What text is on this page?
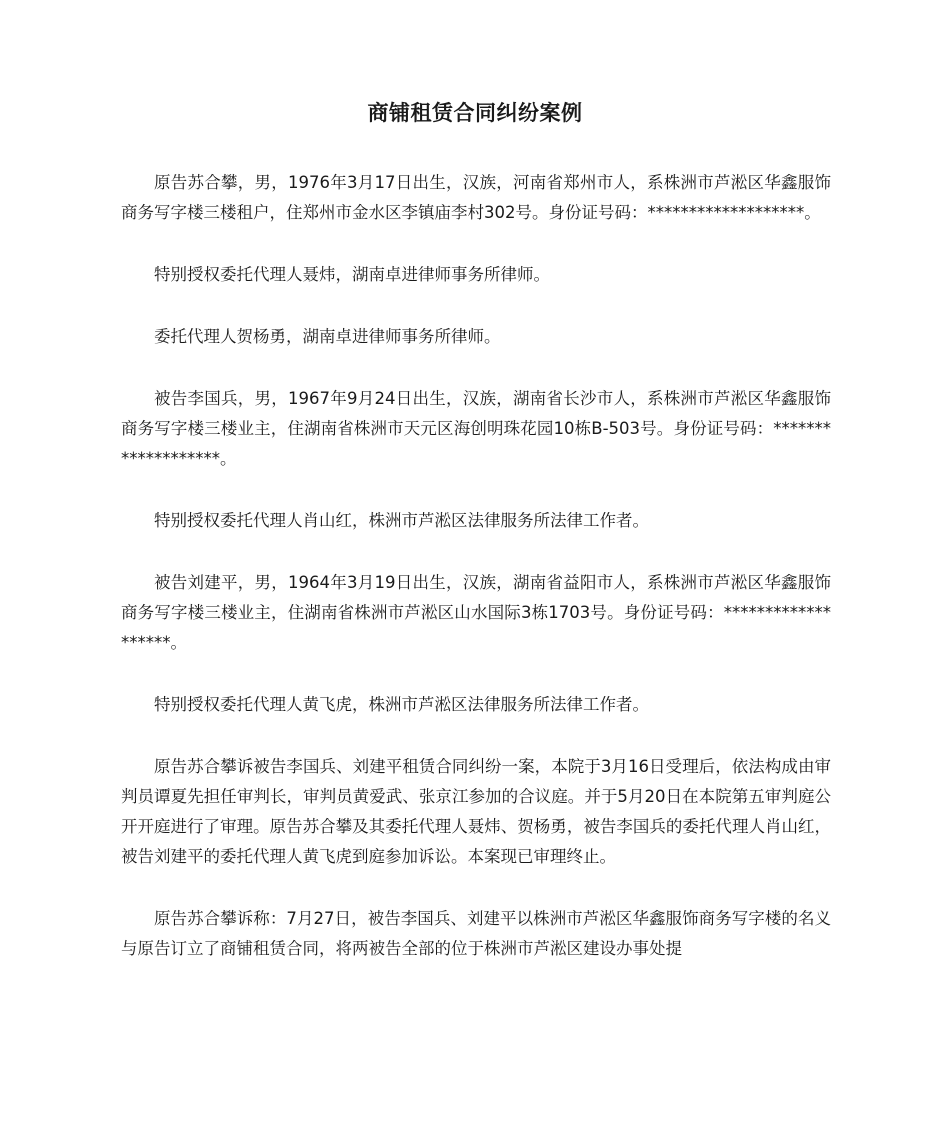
商铺租赁合同纠纷案例

原告苏合攀，男，1976年3月17日出生，汉族，河南省郑州市人，系株洲市芦淞区华鑫服饰商务写字楼三楼租户，住郑州市金水区李镇庙李村302号。身份证号码：*******************。

特别授权委托代理人聂炜，湖南卓进律师事务所律师。

委托代理人贺杨勇，湖南卓进律师事务所律师。

被告李国兵，男，1967年9月24日出生，汉族，湖南省长沙市人，系株洲市芦淞区华鑫服饰商务写字楼三楼业主，住湖南省株洲市天元区海创明珠花园10栋B-503号。身份证号码：*******************。

特别授权委托代理人肖山红，株洲市芦淞区法律服务所法律工作者。

被告刘建平，男，1964年3月19日出生，汉族，湖南省益阳市人，系株洲市芦淞区华鑫服饰商务写字楼三楼业主，住湖南省株洲市芦淞区山水国际3栋1703号。身份证号码：*******************。

特别授权委托代理人黄飞虎，株洲市芦淞区法律服务所法律工作者。

原告苏合攀诉被告李国兵、刘建平租赁合同纠纷一案，本院于3月16日受理后，依法构成由审判员谭夏先担任审判长，审判员黄爱武、张京江参加的合议庭。并于5月20日在本院第五审判庭公开开庭进行了审理。原告苏合攀及其委托代理人聂炜、贺杨勇，被告李国兵的委托代理人肖山红，被告刘建平的委托代理人黄飞虎到庭参加诉讼。本案现已审理终止。

原告苏合攀诉称：7月27日，被告李国兵、刘建平以株洲市芦淞区华鑫服饰商务写字楼的名义与原告订立了商铺租赁合同，将两被告全部的位于株洲市芦淞区建设办事处提
